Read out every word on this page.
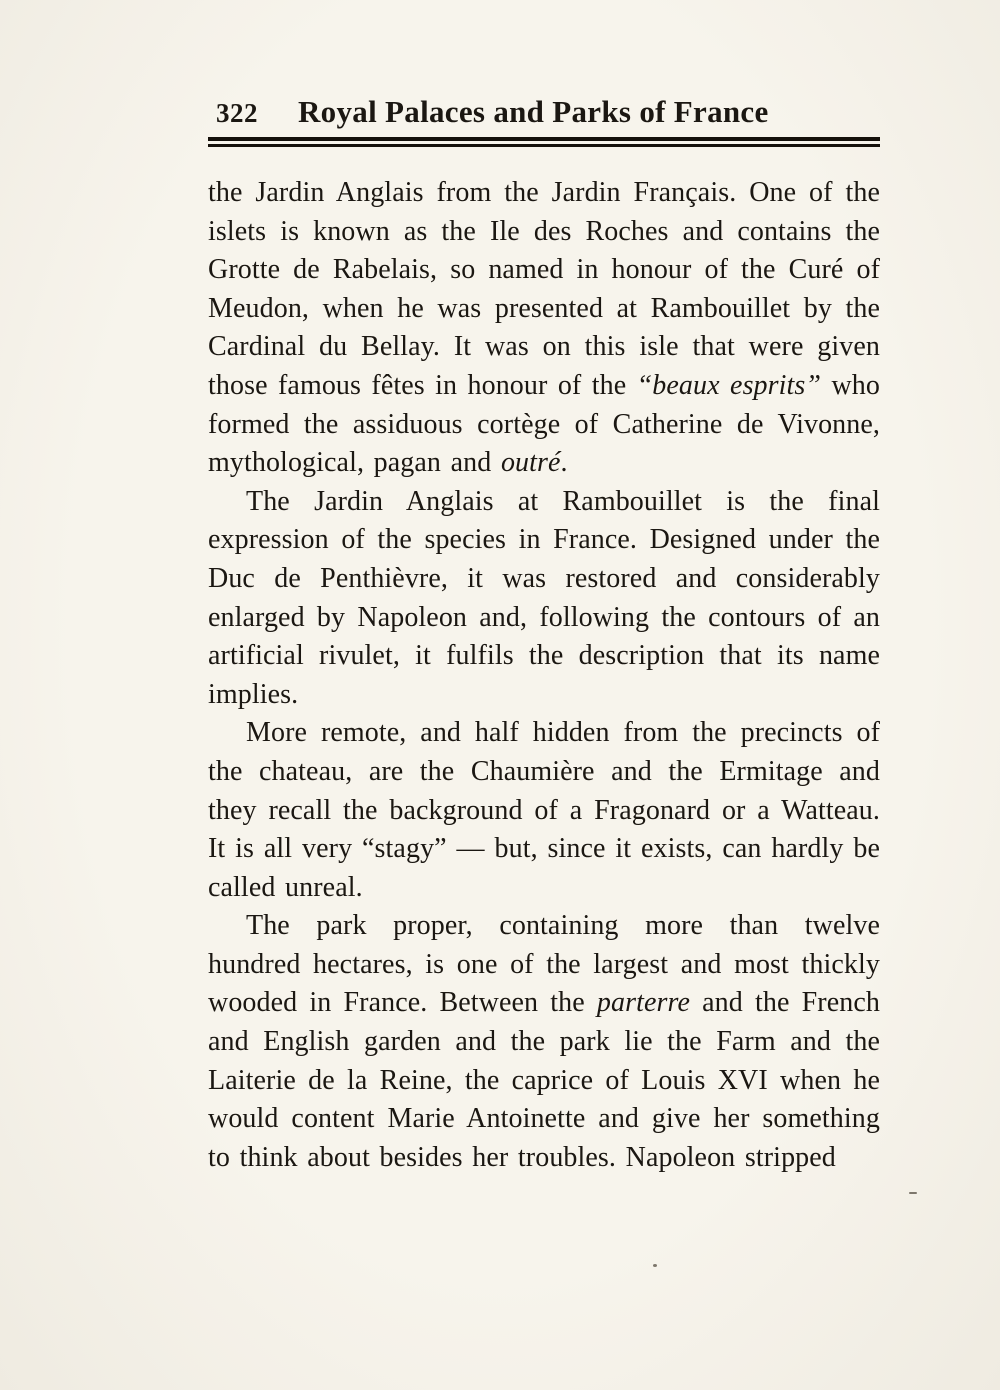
322 Royal Palaces and Parks of France

the Jardin Anglais from the Jardin Français. One of the islets is known as the Ile des Roches and contains the Grotte de Rabelais, so named in honour of the Curé of Meudon, when he was presented at Rambouillet by the Cardinal du Bellay. It was on this isle that were given those famous fêtes in honour of the “beaux esprits” who formed the assiduous cortège of Catherine de Vivonne, mythological, pagan and outré.

The Jardin Anglais at Rambouillet is the final expression of the species in France. Designed under the Duc de Penthièvre, it was restored and considerably enlarged by Napoleon and, following the contours of an artificial rivulet, it fulfils the description that its name implies.

More remote, and half hidden from the precincts of the chateau, are the Chaumière and the Ermitage and they recall the background of a Fragonard or a Watteau. It is all very “stagy” — but, since it exists, can hardly be called unreal.

The park proper, containing more than twelve hundred hectares, is one of the largest and most thickly wooded in France. Between the parterre and the French and English garden and the park lie the Farm and the Laiterie de la Reine, the caprice of Louis XVI when he would content Marie Antoinette and give her something to think about besides her troubles. Napoleon stripped
